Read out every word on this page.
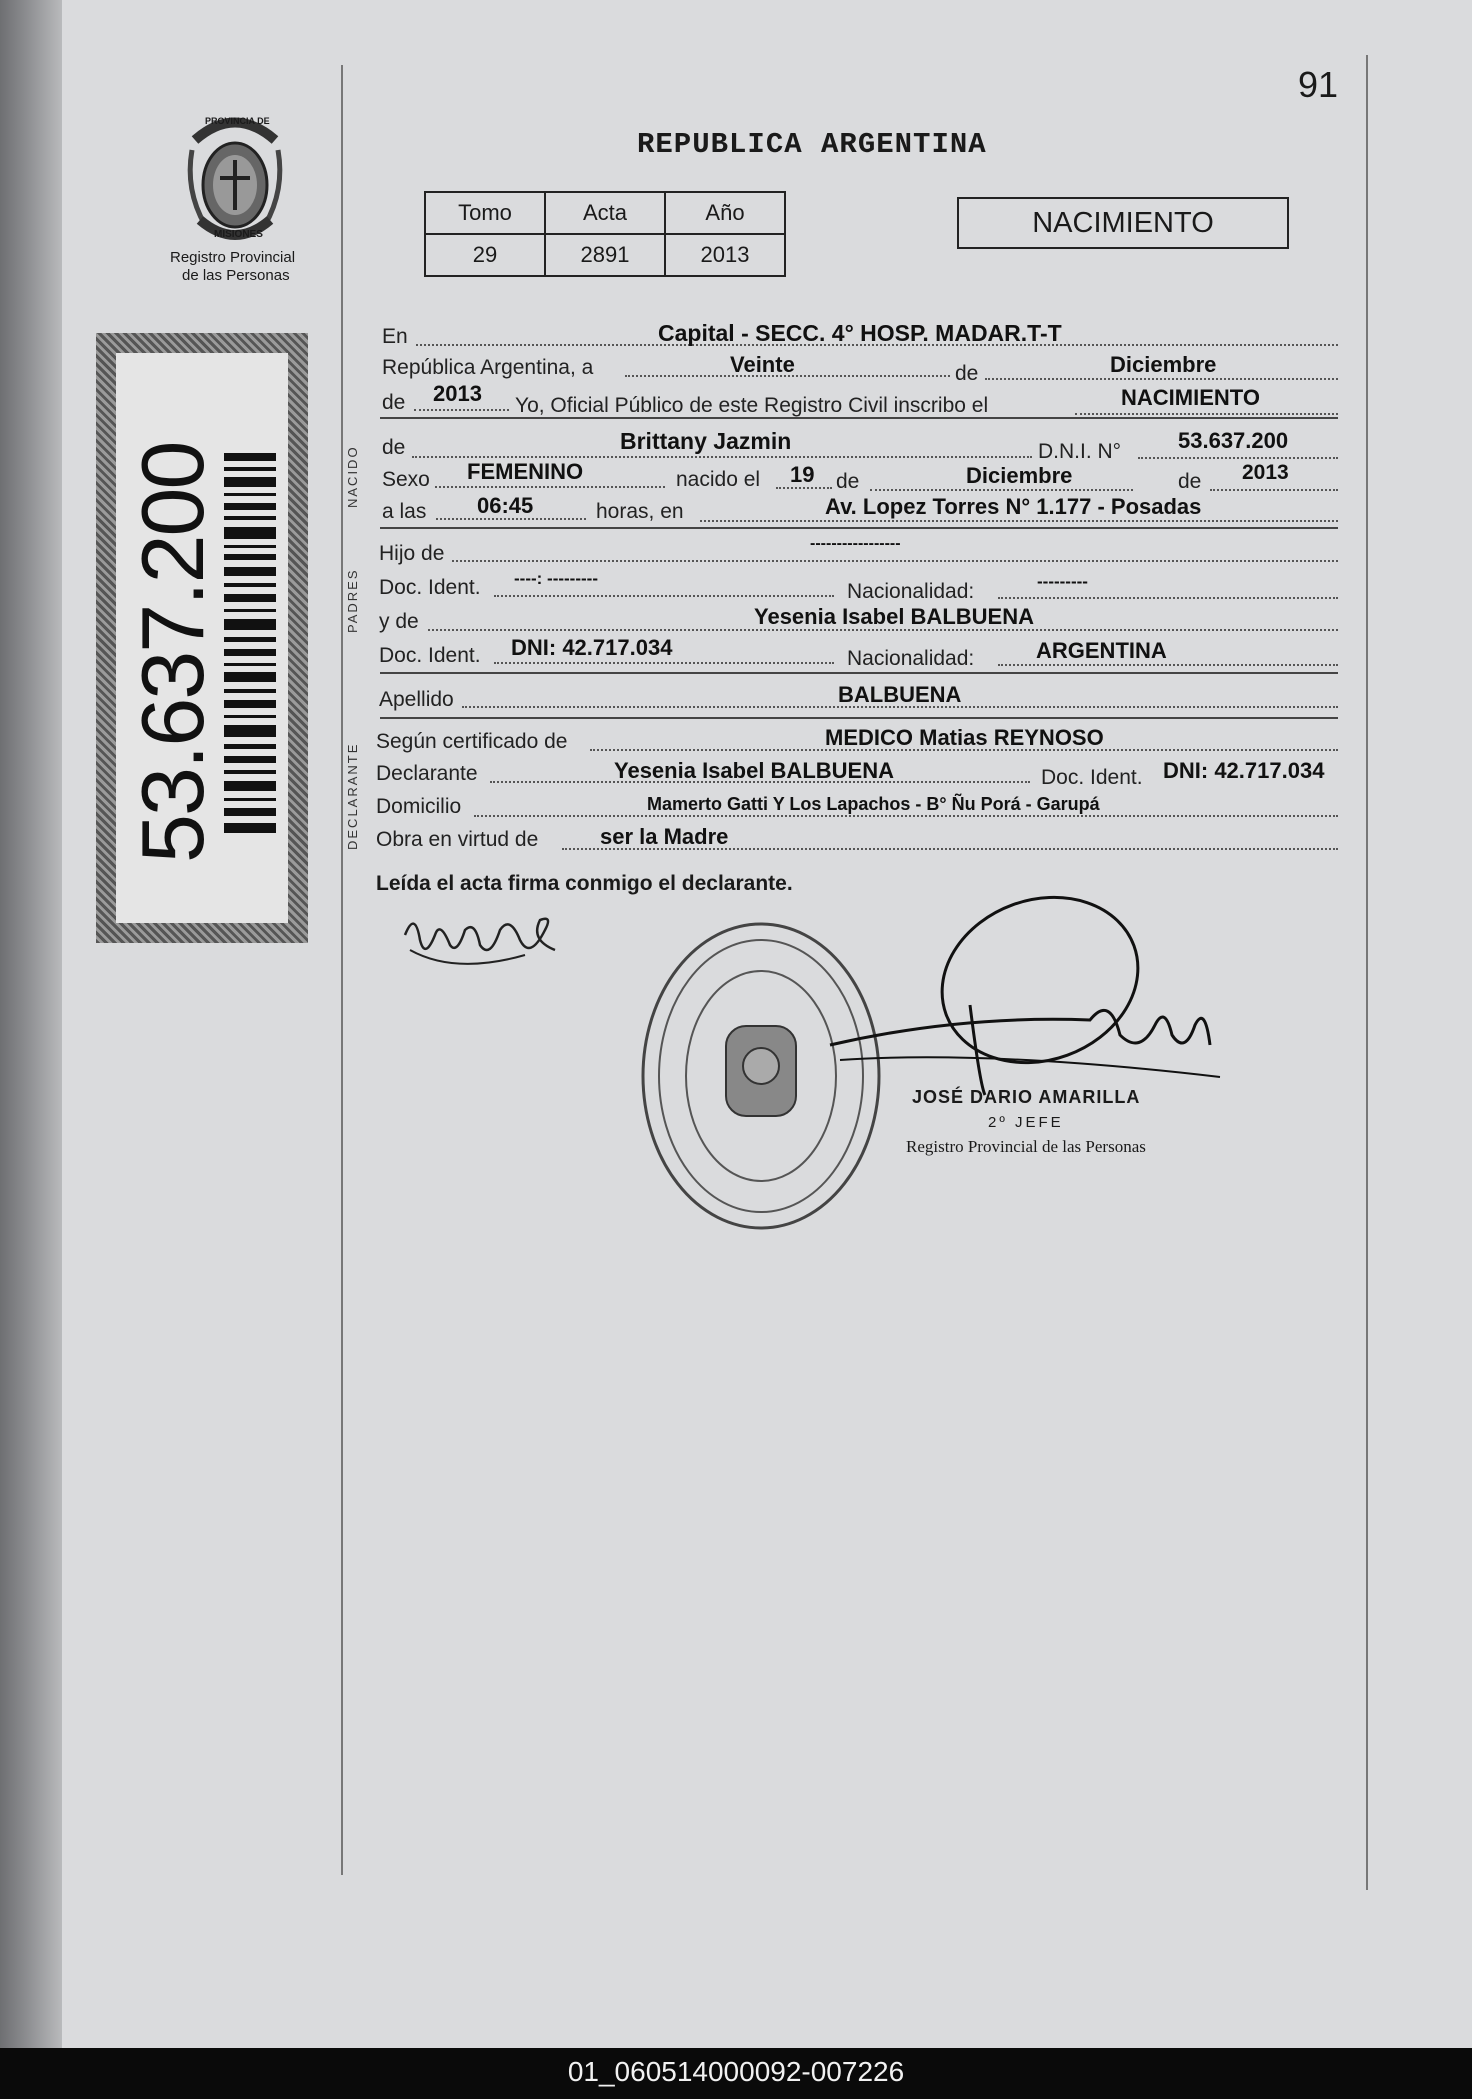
91
PROVINCIA DE
MISIONES
Registro Provincial
de las Personas
REPUBLICA ARGENTINA
Tomo	Acta	Año
29	2891	2013
NACIMIENTO
53.637.200	NACIDO
PADRES
DECLARANTE
En	Capital - SECC. 4° HOSP. MADAR.T-T
República Argentina, a	Veinte	de	Diciembre
de 2013 Yo, Oficial Público de este Registro Civil inscribo el	NACIMIENTO
de	Brittany Jazmin	D.N.I. N°	53.637.200
Sexo FEMENINO	nacido el 19 de	Diciembre	de 2013
a las 06:45	horas, en	Av. Lopez Torres N° 1.177 - Posadas
Hijo de	-----------------
Doc. Ident. ----: ---------
Nacionalidad:	---------
y de	Yesenia Isabel BALBUENA
Doc. Ident. DNI: 42.717.034	Nacionalidad:	ARGENTINA
Apellido	BALBUENA
Según certificado de	MEDICO Matias REYNOSO
Declarante	Yesenia Isabel BALBUENA	Doc. Ident. DNI: 42.717.034
Domicilio	Mamerto Gatti Y Los Lapachos - B° Ñu Porá - Garupá
Obra en virtud de	ser la Madre
Leída el acta firma conmigo el declarante.
JOSÉ DARIO AMARILLA
2º JEFE
Registro Provincial de las Personas
01_060514000092-007226
